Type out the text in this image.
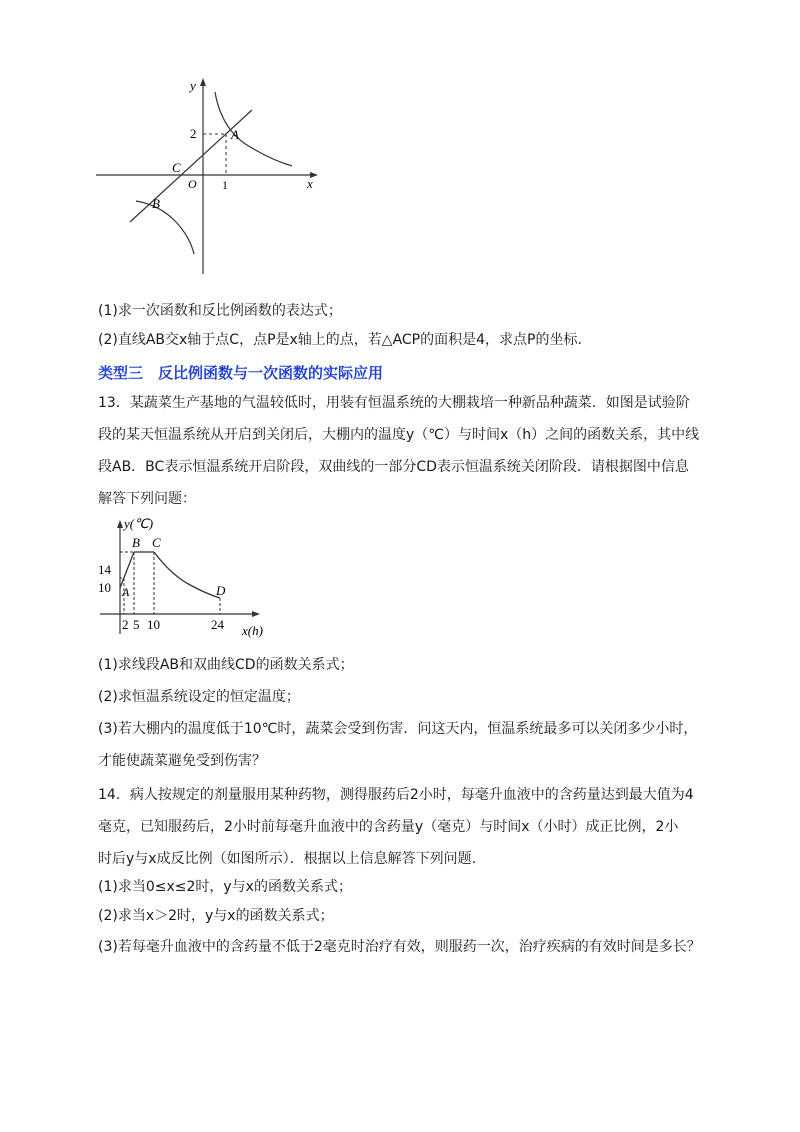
y
x
2
1
O
A
B
C
(1)求一次函数和反比例函数的表达式；
(2)直线AB交x轴于点C，点P是x轴上的点，若△ACP的面积是4，求点P的坐标.
类型三　反比例函数与一次函数的实际应用
13．某蔬菜生产基地的气温较低时，用装有恒温系统的大棚栽培一种新品种蔬菜．如图是试验阶
段的某天恒温系统从开启到关闭后，大棚内的温度y（℃）与时间x（h）之间的函数关系，其中线
段AB．BC表示恒温系统开启阶段，双曲线的一部分CD表示恒温系统关闭阶段．请根据图中信息
解答下列问题：
y(℃)
x(h)
14
10
2 5 10	24
A
B C
D
(1)求线段AB和双曲线CD的函数关系式；
(2)求恒温系统设定的恒定温度；
(3)若大棚内的温度低于10℃时，蔬菜会受到伤害．问这天内，恒温系统最多可以关闭多少小时，
才能使蔬菜避免受到伤害？
14．病人按规定的剂量服用某种药物，测得服药后2小时，每毫升血液中的含药量达到最大值为4
毫克，已知服药后，2小时前每毫升血液中的含药量y（毫克）与时间x（小时）成正比例，2小
时后y与x成反比例（如图所示）．根据以上信息解答下列问题.
(1)求当0≤x≤2时，y与x的函数关系式；
(2)求当x＞2时，y与x的函数关系式；
(3)若每毫升血液中的含药量不低于2毫克时治疗有效，则服药一次，治疗疾病的有效时间是多长？
